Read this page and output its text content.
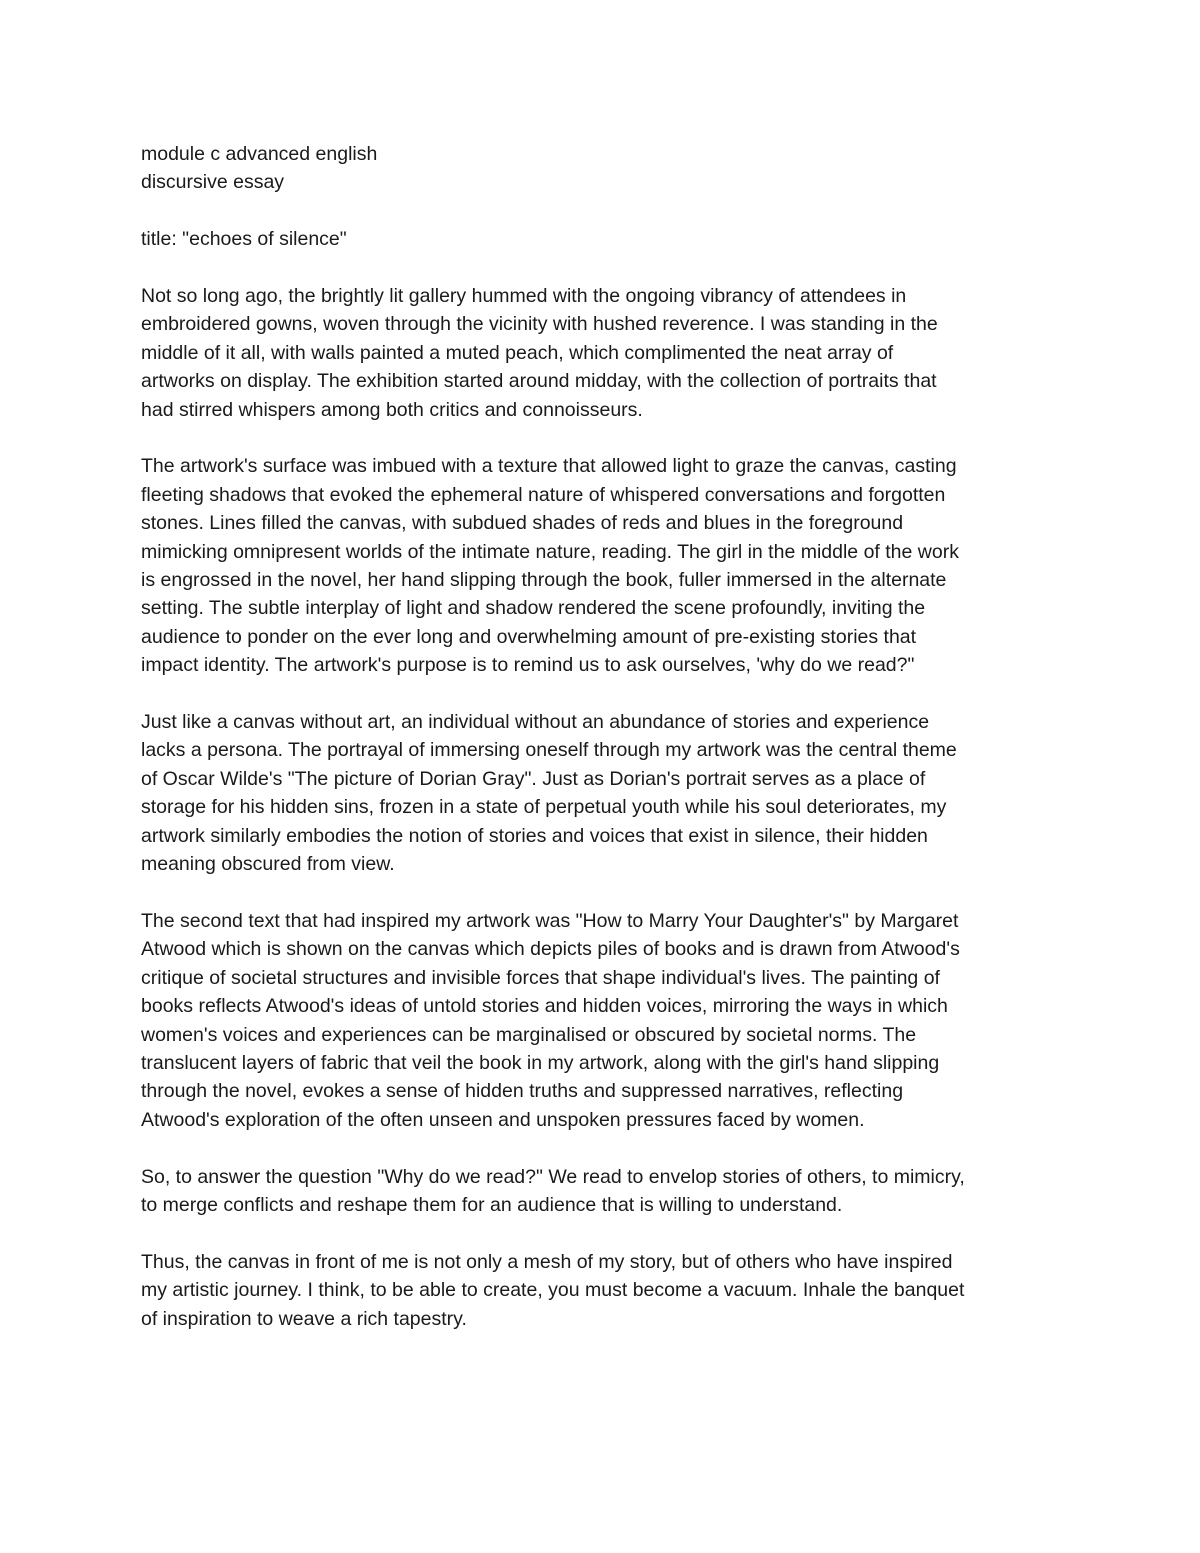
module c advanced english
discursive essay
title: "echoes of silence"
Not so long ago, the brightly lit gallery hummed with the ongoing vibrancy of attendees in
embroidered gowns, woven through the vicinity with hushed reverence. I was standing in the
middle of it all, with walls painted a muted peach, which complimented the neat array of
artworks on display. The exhibition started around midday, with the collection of portraits that
had stirred whispers among both critics and connoisseurs.
The artwork's surface was imbued with a texture that allowed light to graze the canvas, casting
fleeting shadows that evoked the ephemeral nature of whispered conversations and forgotten
stones. Lines filled the canvas, with subdued shades of reds and blues in the foreground
mimicking omnipresent worlds of the intimate nature, reading. The girl in the middle of the work
is engrossed in the novel, her hand slipping through the book, fuller immersed in the alternate
setting. The subtle interplay of light and shadow rendered the scene profoundly, inviting the
audience to ponder on the ever long and overwhelming amount of pre-existing stories that
impact identity. The artwork's purpose is to remind us to ask ourselves, 'why do we read?"
Just like a canvas without art, an individual without an abundance of stories and experience
lacks a persona. The portrayal of immersing oneself through my artwork was the central theme
of Oscar Wilde's "The picture of Dorian Gray". Just as Dorian's portrait serves as a place of
storage for his hidden sins, frozen in a state of perpetual youth while his soul deteriorates, my
artwork similarly embodies the notion of stories and voices that exist in silence, their hidden
meaning obscured from view.
The second text that had inspired my artwork was "How to Marry Your Daughter's" by Margaret
Atwood which is shown on the canvas which depicts piles of books and is drawn from Atwood's
critique of societal structures and invisible forces that shape individual's lives. The painting of
books reflects Atwood's ideas of untold stories and hidden voices, mirroring the ways in which
women's voices and experiences can be marginalised or obscured by societal norms. The
translucent layers of fabric that veil the book in my artwork, along with the girl's hand slipping
through the novel, evokes a sense of hidden truths and suppressed narratives, reflecting
Atwood's exploration of the often unseen and unspoken pressures faced by women.
So, to answer the question "Why do we read?" We read to envelop stories of others, to mimicry,
to merge conflicts and reshape them for an audience that is willing to understand.
Thus, the canvas in front of me is not only a mesh of my story, but of others who have inspired
my artistic journey. I think, to be able to create, you must become a vacuum. Inhale the banquet
of inspiration to weave a rich tapestry.
